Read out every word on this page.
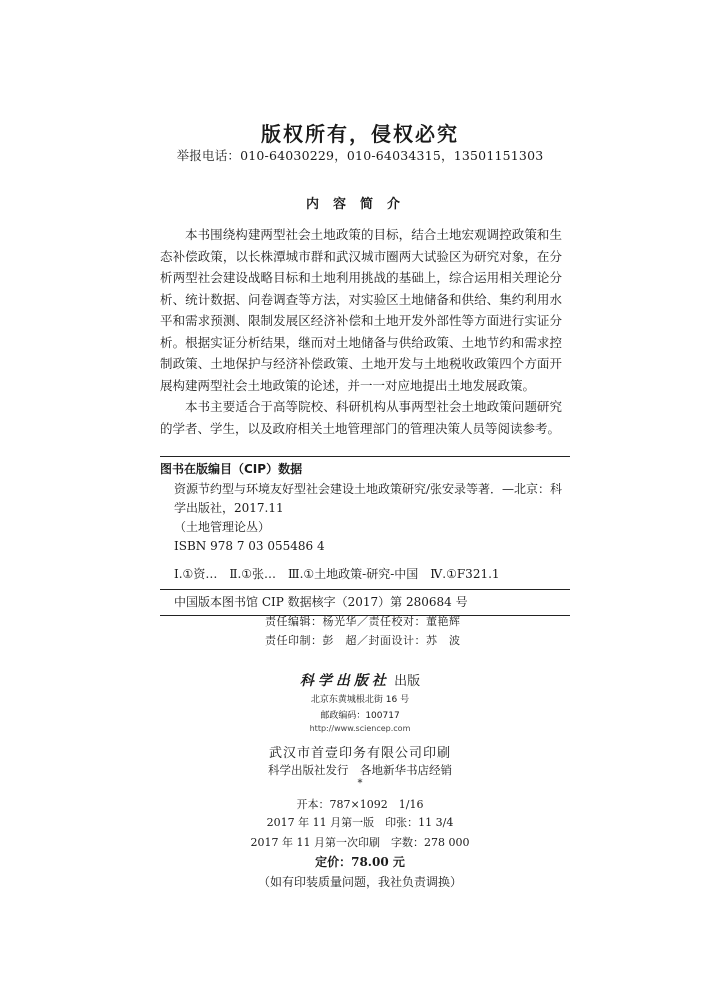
版权所有，侵权必究
举报电话：010-64030229，010-64034315，13501151303
内容简介

本书围绕构建两型社会土地政策的目标，结合土地宏观调控政策和生态补偿政策，以长株潭城市群和武汉城市圈两大试验区为研究对象，在分析两型社会建设战略目标和土地利用挑战的基础上，综合运用相关理论分析、统计数据、问卷调查等方法，对实验区土地储备和供给、集约利用水平和需求预测、限制发展区经济补偿和土地开发外部性等方面进行实证分析。根据实证分析结果，继而对土地储备与供给政策、土地节约和需求控制政策、土地保护与经济补偿政策、土地开发与土地税收政策四个方面开展构建两型社会土地政策的论述，并一一对应地提出土地发展政策。

本书主要适合于高等院校、科研机构从事两型社会土地政策问题研究的学者、学生，以及政府相关土地管理部门的管理决策人员等阅读参考。

图书在版编目（CIP）数据
资源节约型与环境友好型社会建设土地政策研究/张安录等著．—北京：科学出版社，2017.11
（土地管理论丛）
ISBN 978 7 03 055486 4
Ⅰ.①资…　Ⅱ.①张…　Ⅲ.①土地政策-研究-中国　Ⅳ.①F321.1
中国版本图书馆 CIP 数据核字（2017）第 280684 号
责任编辑：杨光华／责任校对：董艳辉
责任印制：彭　超／封面设计：苏　波
科学出版社 出版
北京东黄城根北街 16 号
邮政编码：100717
http://www.sciencep.com
武汉市首壹印务有限公司印刷
科学出版社发行　各地新华书店经销
*
开本：787×1092　1/16
2017 年 11 月第一版　印张：11 3/4
2017 年 11 月第一次印刷　字数：278 000
定价：78.00 元
（如有印装质量问题，我社负责调换）
